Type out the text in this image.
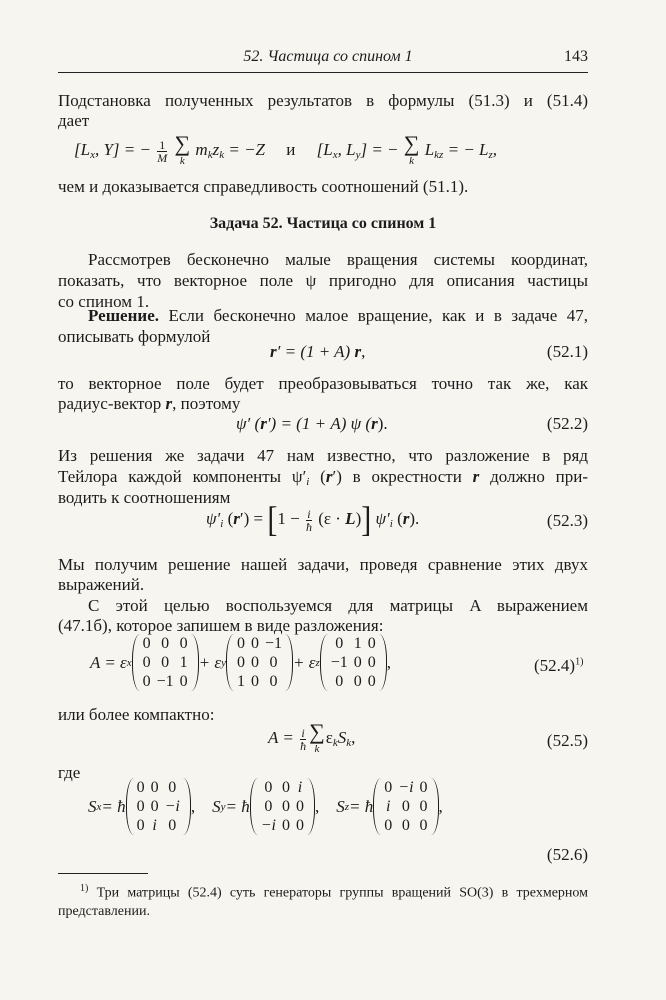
52. Частица со спином 1	143
Подстановка полученных результатов в формулы (51.3) и (51.4)
дает
[$L_x$, Y] = − $\frac{1}{M}$
∑
k
$m_kz_k = -Z$ и [$L_x$, $L_y$] = − ∑
k
$L_{kz}$ = − $L_z$,
чем и доказывается справедливость соотношений (51.1).
Задача 52. Частица со спином 1
Рассмотрев бесконечно малые вращения системы координат,
показать, что векторное поле ψ пригодно для описания частицы
со спином 1.
Решение. Если бесконечно малое вращение, как и в задаче 47,
описывать формулой
r′ = (1 + A) r,	(52.1)
то векторное поле будет преобразовываться точно так же, как
радиус-вектор r, поэтому
ψ′ (r′) = (1 + A) ψ (r).	(52.2)
Из решения же задачи 47 нам известно, что разложение в ряд
Тейлора каждой компоненты $\psi'_i$ (r′) в окрестности r должно при-
водить к соотношениям
$\psi'_i$ $(r') = [1 - \frac{i}{ħ} (\varepsilon \cdot L)]$ $\psi'_i$ (r).	(52.3)
Мы получим решение нашей задачи, проведя сравнение этих двух
выражений.
С этой целью воспользуемся для матрицы A выражением
(47.1б), которое запишем в виде разложения:
A = ε x
0	0	0
0	0	1
0	−1	0
+ ε y
0	0	−1
0	0	0
1	0	0
+ ε z
0	1	0
−1	0	0
0	0	0
,	$(52.4)^{1)}$
или более компактно:
$A = \frac{i}{ħ}$ ∑
k
$\varepsilon_kS_k$,	(52.5)
где
S x = ħ
0	0	0
0	0	−i
0	i	0
,
S y = ħ
0	0	i
0	0	0
−i	0	0
,
S z = ħ
0	−i	0
i	0	0
0	0	0
,
(52.6)
$^{1)}$ Три матрицы (52.4) суть генераторы группы вращений SO(3) в трехмерном представлении.
